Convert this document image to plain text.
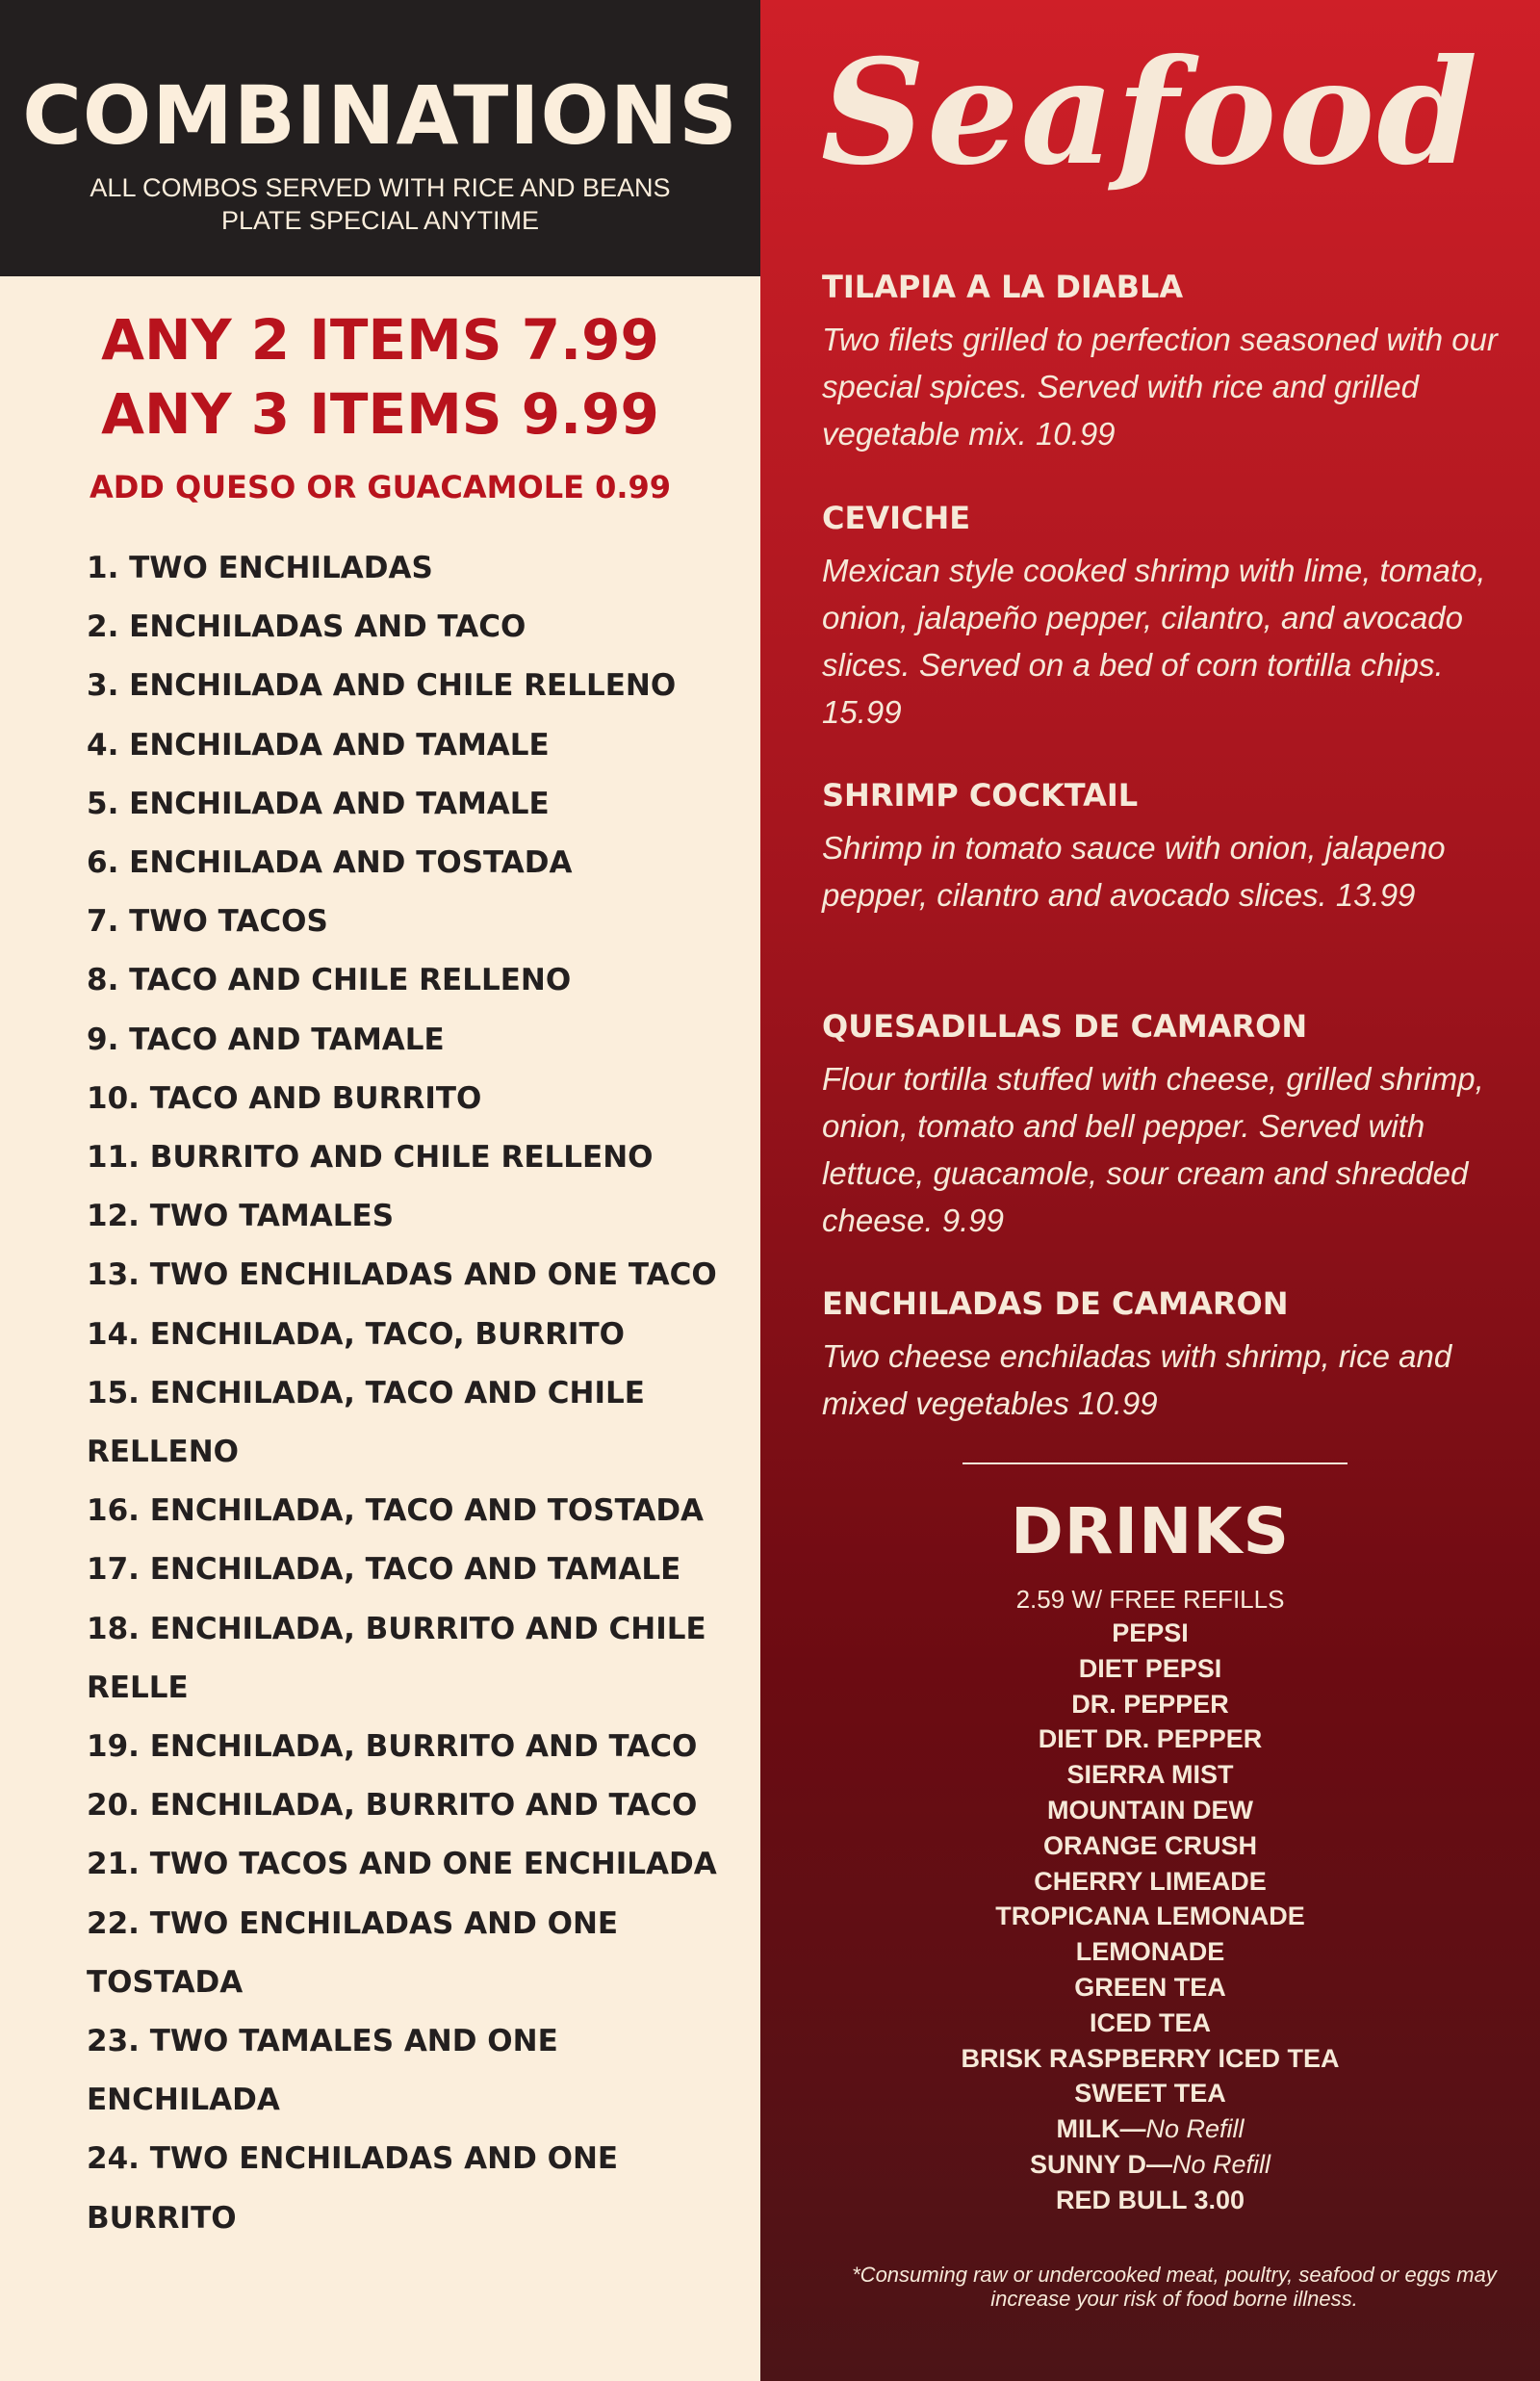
COMBINATIONS
ALL COMBOS SERVED WITH RICE AND BEANS
PLATE SPECIAL ANYTIME
ANY 2 ITEMS 7.99
ANY 3 ITEMS 9.99
ADD QUESO OR GUACAMOLE 0.99
1. TWO ENCHILADAS
2. ENCHILADAS AND TACO
3. ENCHILADA AND CHILE RELLENO
4. ENCHILADA AND TAMALE
5. ENCHILADA AND TAMALE
6. ENCHILADA AND TOSTADA
7. TWO TACOS
8. TACO AND CHILE RELLENO
9. TACO AND TAMALE
10. TACO AND BURRITO
11. BURRITO AND CHILE RELLENO
12. TWO TAMALES
13. TWO ENCHILADAS AND ONE TACO
14. ENCHILADA, TACO, BURRITO
15. ENCHILADA, TACO AND CHILE RELLENO
16. ENCHILADA, TACO AND TOSTADA
17. ENCHILADA, TACO AND TAMALE
18. ENCHILADA, BURRITO AND CHILE RELLE
19. ENCHILADA, BURRITO AND TACO
20. ENCHILADA, BURRITO AND TACO
21. TWO TACOS AND ONE ENCHILADA
22. TWO ENCHILADAS AND ONE TOSTADA
23. TWO TAMALES AND ONE ENCHILADA
24. TWO ENCHILADAS AND ONE BURRITO
Seafood
TILAPIA A LA DIABLA
Two filets grilled to perfection seasoned with our special spices. Served with rice and grilled vegetable mix. 10.99
CEVICHE
Mexican style cooked shrimp with lime, tomato, onion, jalapeño pepper, cilantro, and avocado slices. Served on a bed of corn tortilla chips. 15.99
SHRIMP COCKTAIL
Shrimp in tomato sauce with onion, jalapeno pepper, cilantro and avocado slices. 13.99
QUESADILLAS DE CAMARON
Flour tortilla stuffed with cheese, grilled shrimp, onion, tomato and bell pepper. Served with lettuce, guacamole, sour cream and shredded cheese. 9.99
ENCHILADAS DE CAMARON
Two cheese enchiladas with shrimp, rice and mixed vegetables 10.99
DRINKS
2.59 W/ FREE REFILLS
PEPSI
DIET PEPSI
DR. PEPPER
DIET DR. PEPPER
SIERRA MIST
MOUNTAIN DEW
ORANGE CRUSH
CHERRY LIMEADE
TROPICANA LEMONADE
LEMONADE
GREEN TEA
ICED TEA
BRISK RASPBERRY ICED TEA
SWEET TEA
MILK—No Refill
SUNNY D—No Refill
RED BULL 3.00
*Consuming raw or undercooked meat, poultry, seafood or eggs may increase your risk of food borne illness.
